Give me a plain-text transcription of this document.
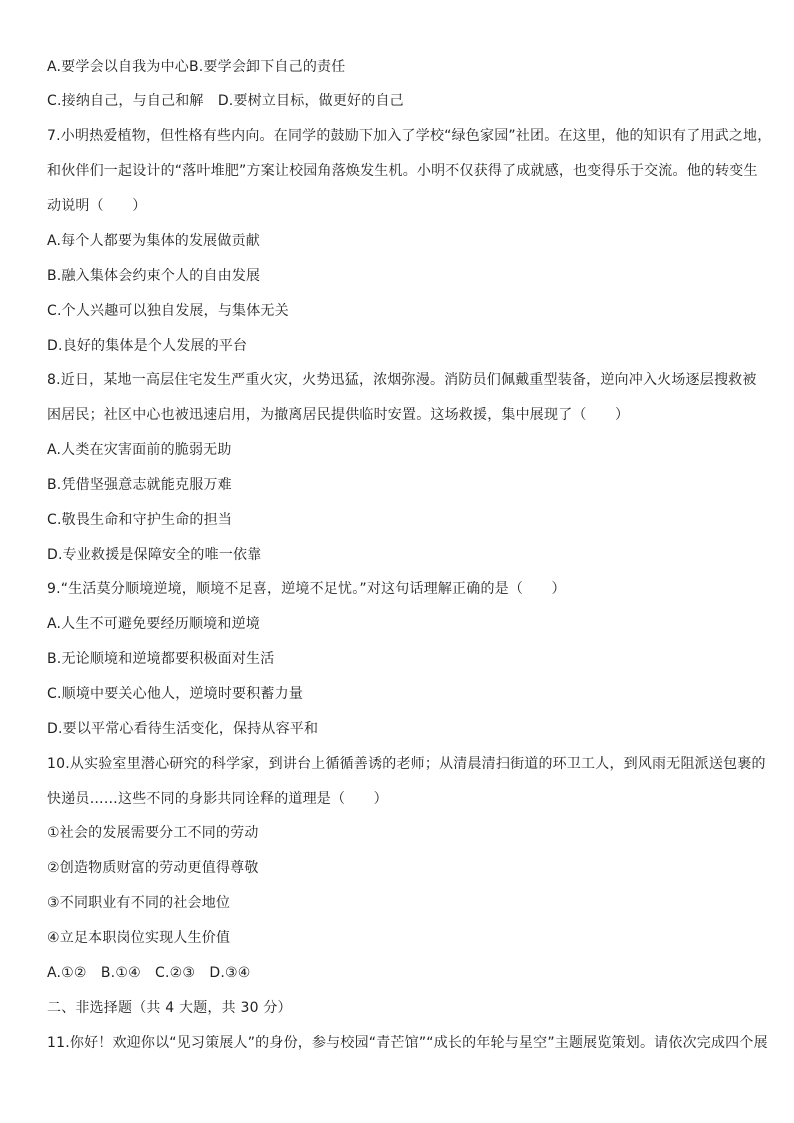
A.要学会以自我为中心B.要学会卸下自己的责任
C.接纳自己，与自己和解　D.要树立目标，做更好的自己
7.小明热爱植物，但性格有些内向。在同学的鼓励下加入了学校“绿色家园”社团。在这里，他的知识有了用武之地，
和伙伴们一起设计的“落叶堆肥”方案让校园角落焕发生机。小明不仅获得了成就感，也变得乐于交流。他的转变生
动说明（　　）
A.每个人都要为集体的发展做贡献
B.融入集体会约束个人的自由发展
C.个人兴趣可以独自发展，与集体无关
D.良好的集体是个人发展的平台
8.近日，某地一高层住宅发生严重火灾，火势迅猛，浓烟弥漫。消防员们佩戴重型装备，逆向冲入火场逐层搜救被
困居民；社区中心也被迅速启用，为撤离居民提供临时安置。这场救援，集中展现了（　　）
A.人类在灾害面前的脆弱无助
B.凭借坚强意志就能克服万难
C.敬畏生命和守护生命的担当
D.专业救援是保障安全的唯一依靠
9.“生活莫分顺境逆境，顺境不足喜，逆境不足忧。”对这句话理解正确的是（　　）
A.人生不可避免要经历顺境和逆境
B.无论顺境和逆境都要积极面对生活
C.顺境中要关心他人，逆境时要积蓄力量
D.要以平常心看待生活变化，保持从容平和
10.从实验室里潜心研究的科学家，到讲台上循循善诱的老师；从清晨清扫街道的环卫工人，到风雨无阻派送包裹的
快递员……这些不同的身影共同诠释的道理是（　　）
①社会的发展需要分工不同的劳动
②创造物质财富的劳动更值得尊敬
③不同职业有不同的社会地位
④立足本职岗位实现人生价值
A.①②　B.①④　C.②③　D.③④
二、非选择题（共 4 大题，共 30 分）
11.你好！欢迎你以“见习策展人”的身份，参与校园“青芒馆”“成长的年轮与星空”主题展览策划。请依次完成四个展
